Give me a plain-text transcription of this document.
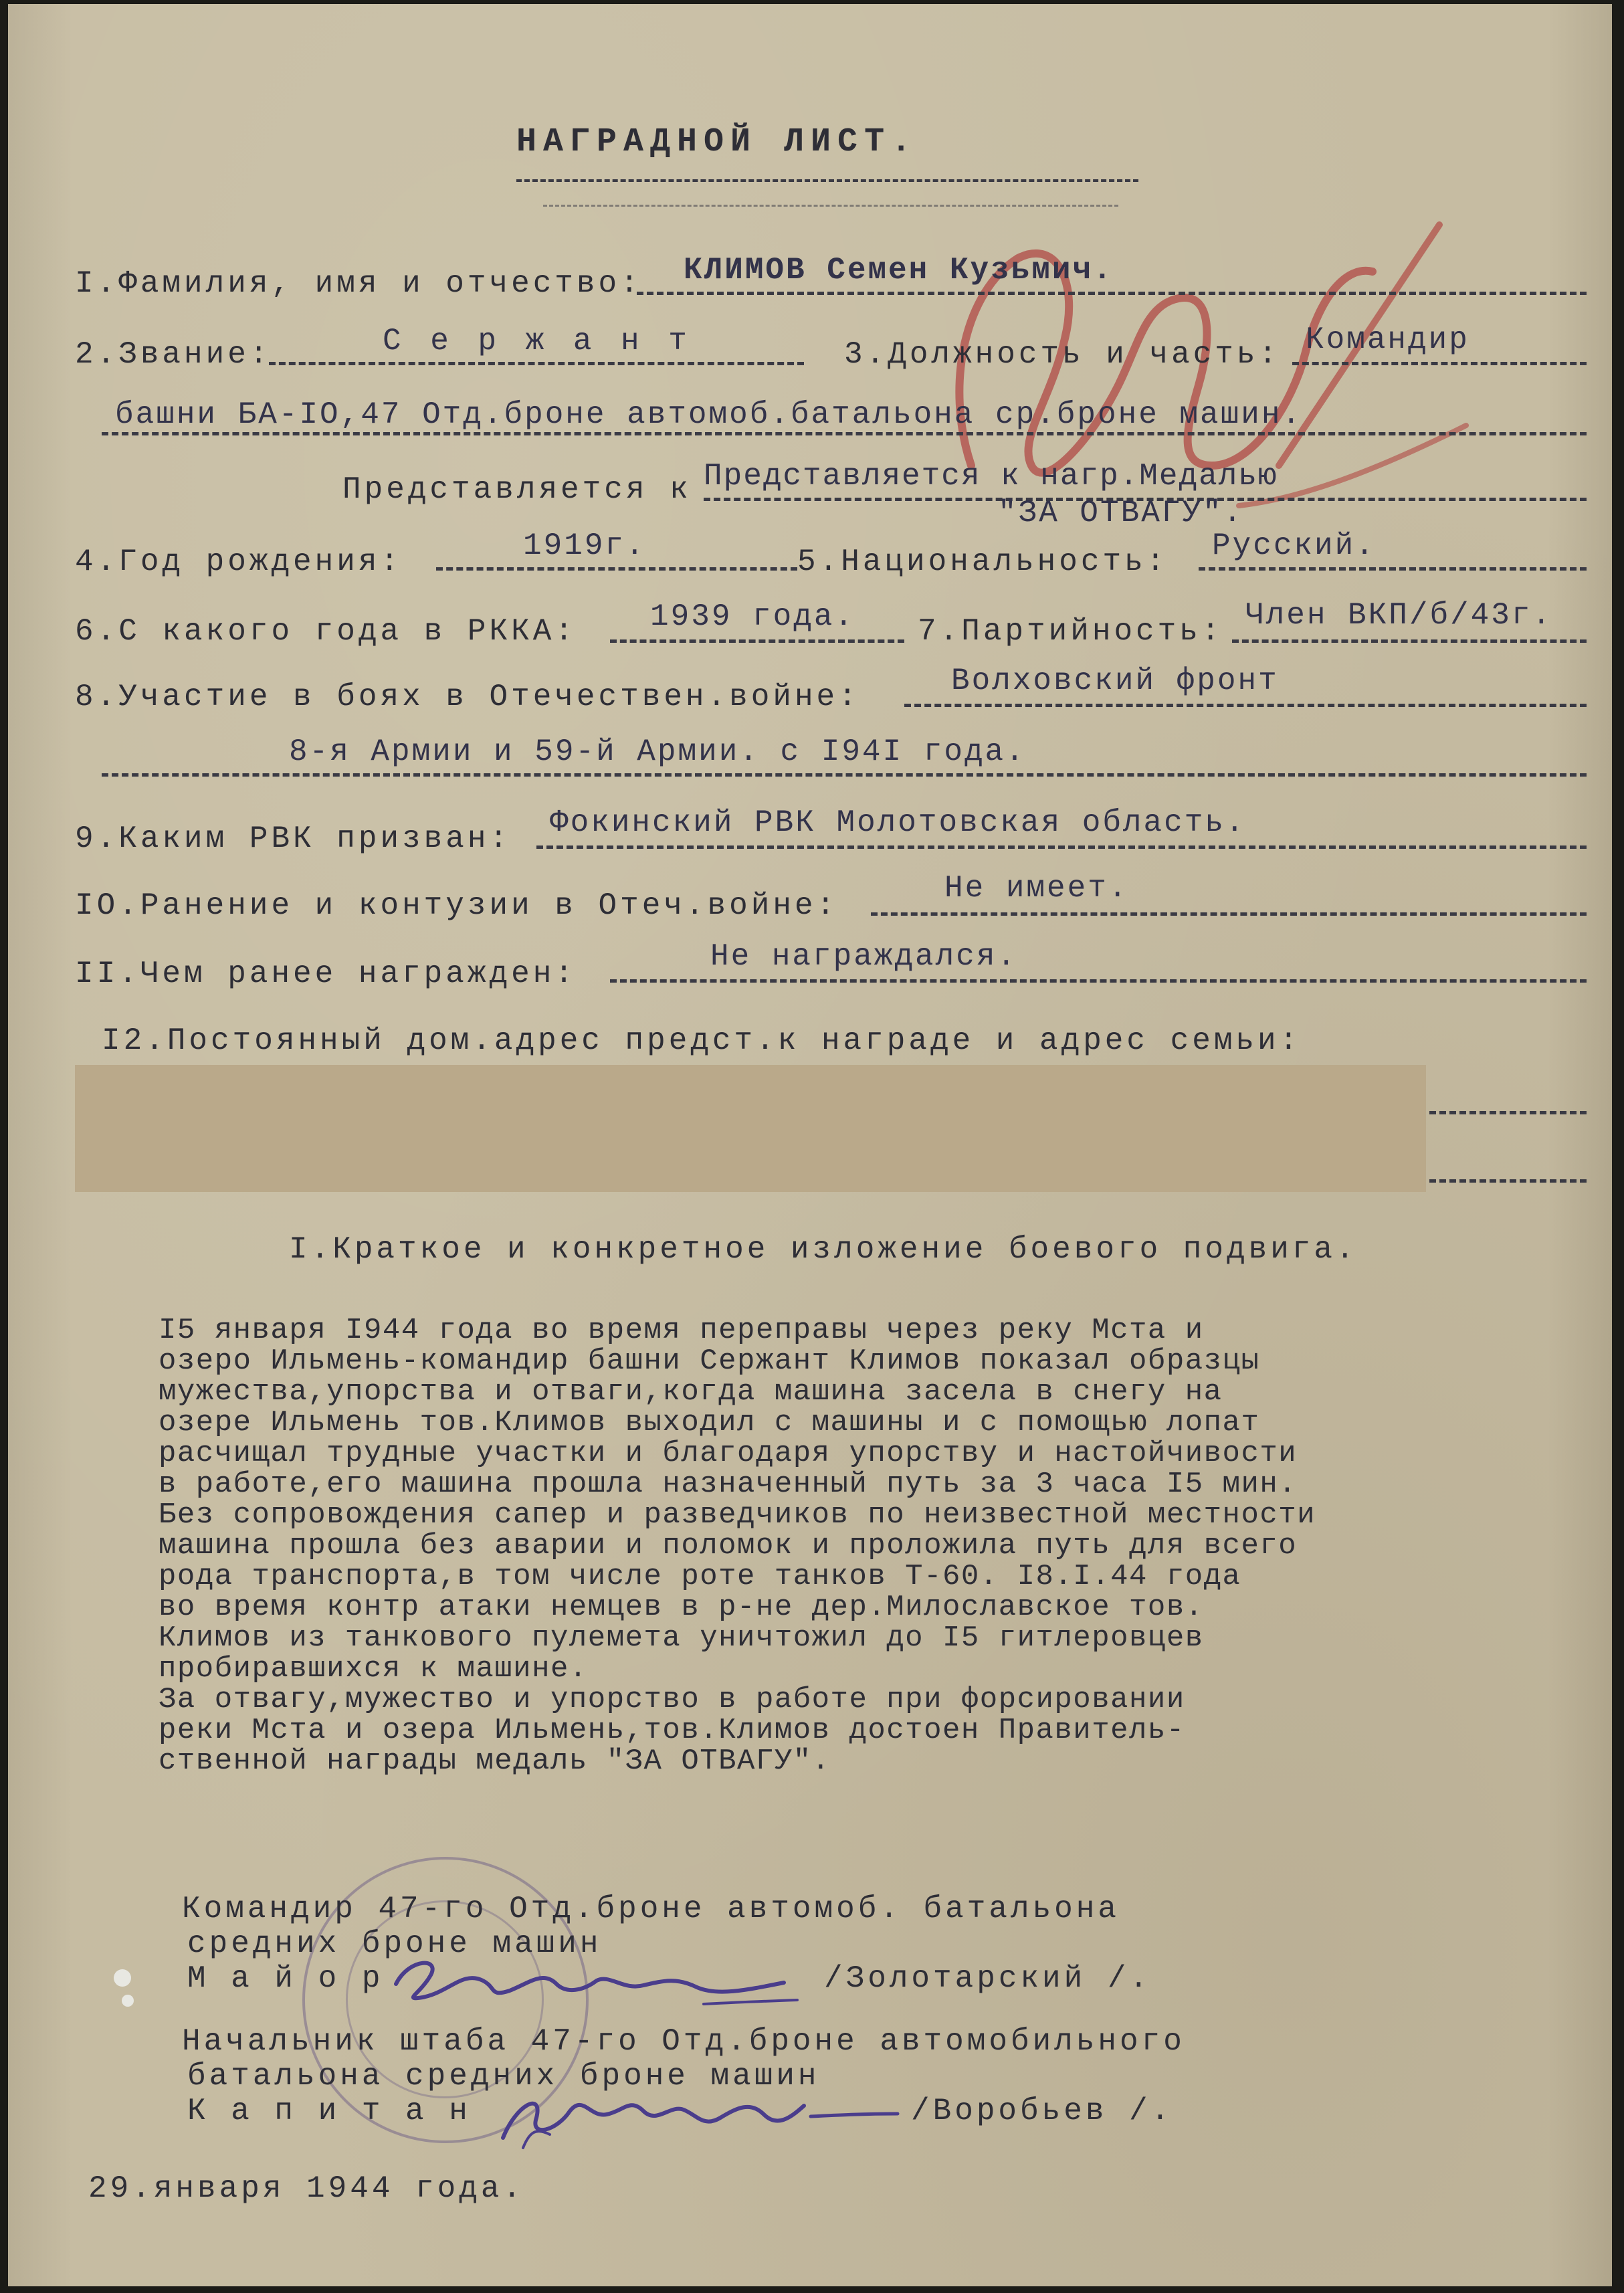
НАГРАДНОЙ ЛИСТ.
I.Фамилия, имя и отчество: КЛИМОВ Семен Кузьмич.
2.Звание:	С е р ж а н т	3.Должность и часть: Командир
башни БА-IO,47 Отд.броне автомоб.батальона ср.броне машин.
Представляется к Представляется к нагр.Медалью
"ЗА ОТВАГУ".
4.Год рождения:	1919г.	5.Национальность: Русский.
6.С какого года в РККА: 1939 года. 7.Партийность: Член ВКП/б/43г.
8.Участие в боях в Отечествен.войне:	Волховский фронт
8-я Армии и 59-й Армии. с I94I года.
9.Каким РВК призван: Фокинский РВК Молотовская область.
IO.Ранение и контузии в Отеч.войне:	Не имеет.
II.Чем ранее награжден:	Не награждался.
I2.Постоянный дом.адрес предст.к награде и адрес семьи:
I.Краткое и конкретное изложение боевого подвига.
I5 января I944 года во время переправы через реку Мста и
озеро Ильмень-командир башни Сержант Климов показал образцы
мужества,упорства и отваги,когда машина засела в снегу на
озере Ильмень тов.Климов выходил с машины и с помощью лопат
расчищал трудные участки и благодаря упорству и настойчивости
в работе,его машина прошла назначенный путь за 3 часа I5 мин.
Без сопровождения сапер и разведчиков по неизвестной местности
машина прошла без аварии и поломок и проложила путь для всего
рода транспорта,в том числе роте танков Т-60. I8.I.44 года
во время контр атаки немцев в р-не дер.Милославское тов.
Климов из танкового пулемета уничтожил до I5 гитлеровцев
пробиравшихся к машине.
За отвагу,мужество и упорство в работе при форсировании
реки Мста и озера Ильмень,тов.Климов достоен Правитель-
ственной награды медаль "ЗА ОТВАГУ".
Командир 47-го Отд.броне автомоб. батальона
средних броне машин
М а й о р	/Золотарский /.
Начальник штаба 47-го Отд.броне автомобильного
батальона средних броне машин
К а п и т а н	/Воробьев /.
29.января 1944 года.
